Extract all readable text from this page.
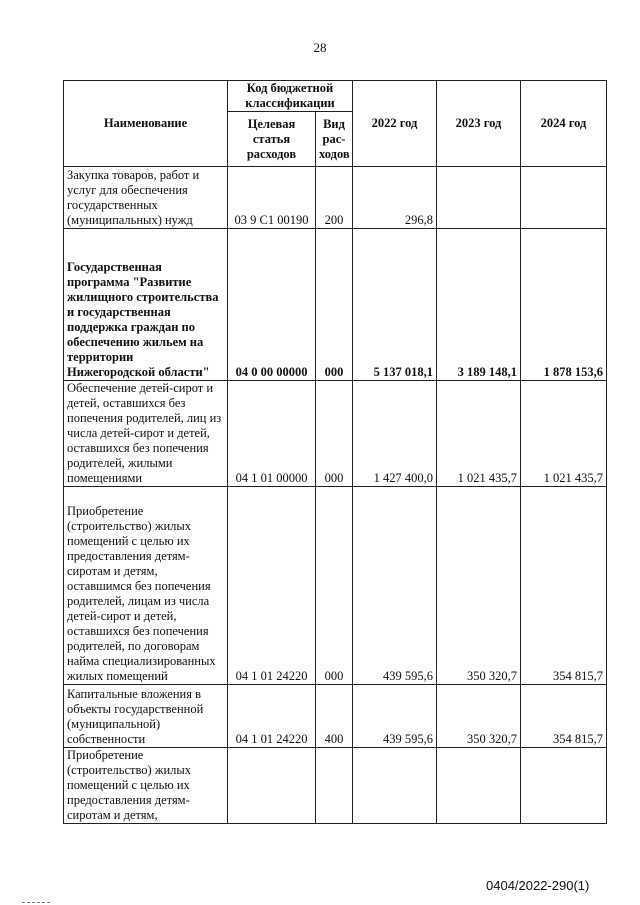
28
Наименование	Код бюджетной классификации		2022 год	2023 год	2024 год
	Целевая статья расходов	Вид рас-ходов			
Закупка товаров, работ и услуг для обеспечения государственных (муниципальных) нужд	03 9 C1 00190	200	296,8		
Государственная программа "Развитие жилищного строительства и государственная поддержка граждан по обеспечению жильем на территории Нижегородской области"	04 0 00 00000	000	5 137 018,1	3 189 148,1	1 878 153,6
Обеспечение детей-сирот и детей, оставшихся без попечения родителей, лиц из числа детей-сирот и детей, оставшихся без попечения родителей, жилыми помещениями	04 1 01 00000	000	1 427 400,0	1 021 435,7	1 021 435,7
Приобретение (строительство) жилых помещений с целью их предоставления детям-сиротам и детям, оставшимся без попечения родителей, лицам из числа детей-сирот и детей, оставшихся без попечения родителей, по договорам найма специализированных жилых помещений	04 1 01 24220	000	439 595,6	350 320,7	354 815,7
Капитальные вложения в объекты государственной (муниципальной) собственности	04 1 01 24220	400	439 595,6	350 320,7	354 815,7
Приобретение (строительство) жилых помещений с целью их предоставления детям-сиротам и детям,					
0404/2022-290(1)
